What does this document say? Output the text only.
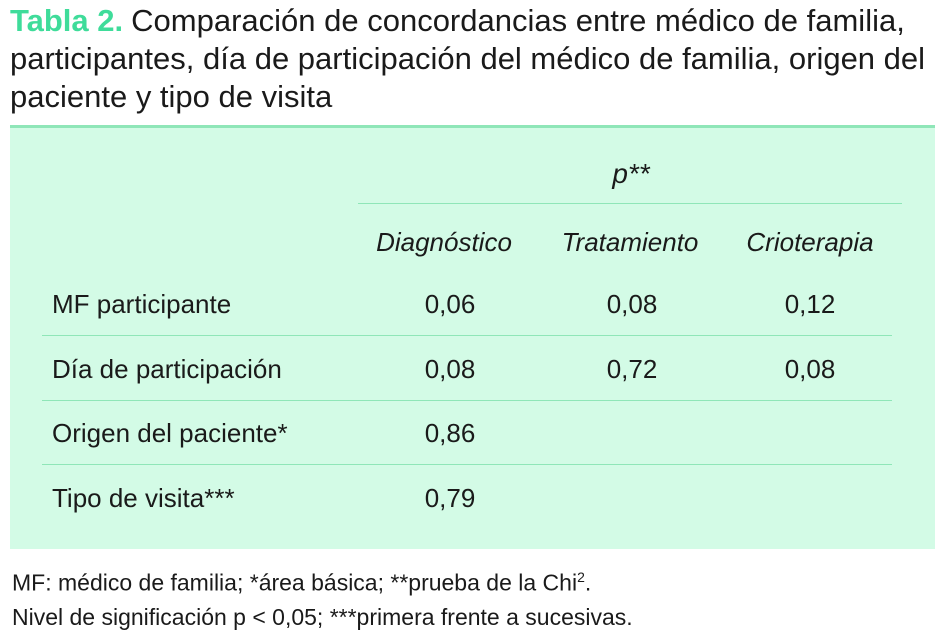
Tabla 2. Comparación de concordancias entre médico de familia, participantes, día de participación del médico de familia, origen del paciente y tipo de visita
p**
Diagnóstico	Tratamiento	Crioterapia
MF participante	0,06	0,08	0,12
Día de participación	0,08	0,72	0,08
Origen del paciente*	0,86
Tipo de visita***	0,79
MF: médico de familia; *área básica; **prueba de la Chi$^2$.
Nivel de significación p < 0,05; ***primera frente a sucesivas.
